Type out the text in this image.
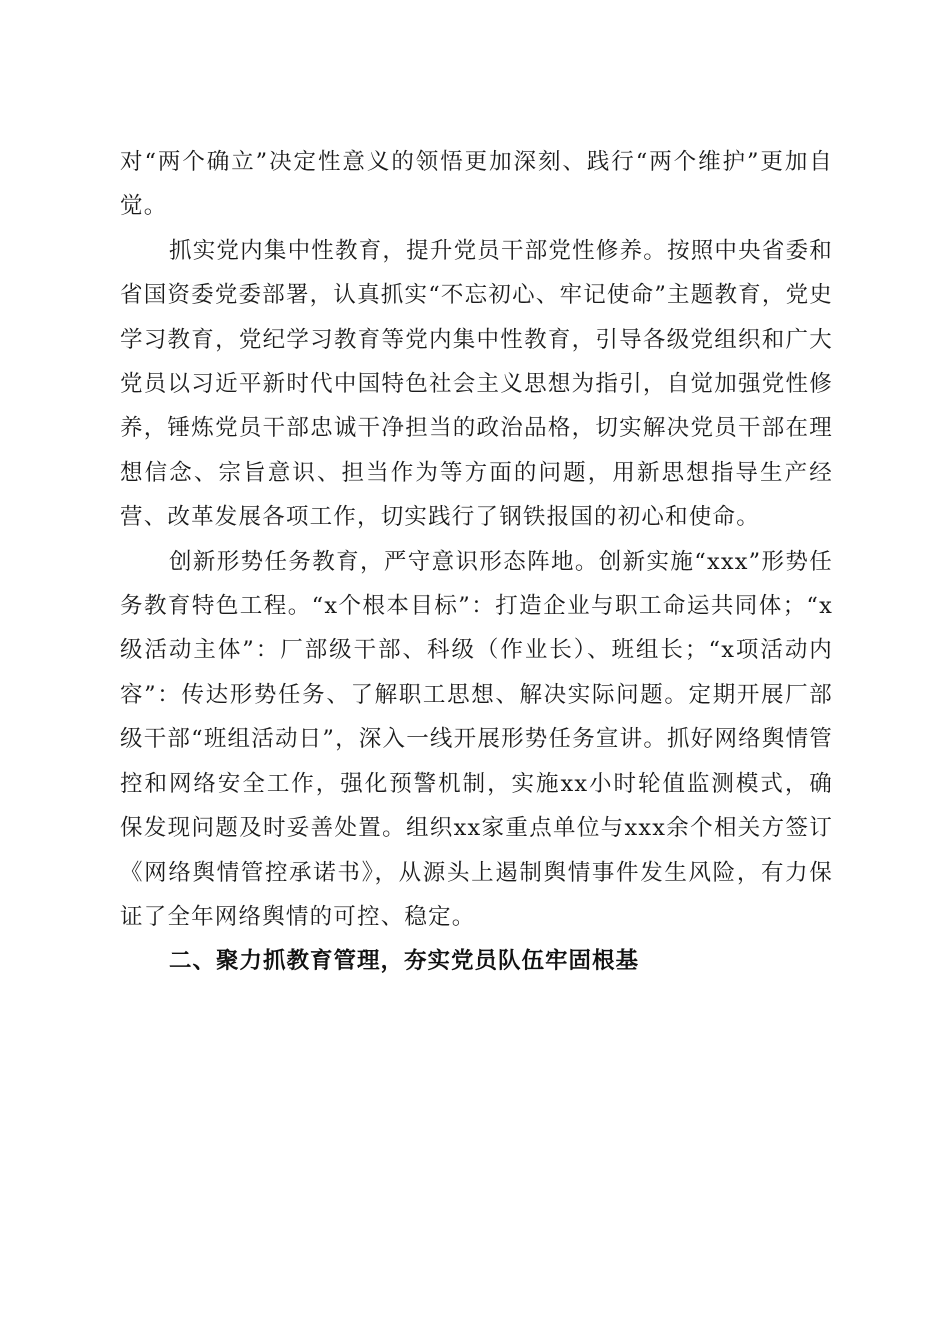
对“两个确立”决定性意义的领悟更加深刻、践行“两个维护”更加自觉。

抓实党内集中性教育，提升党员干部党性修养。按照中央省委和省国资委党委部署，认真抓实“不忘初心、牢记使命”主题教育，党史学习教育，党纪学习教育等党内集中性教育，引导各级党组织和广大党员以习近平新时代中国特色社会主义思想为指引，自觉加强党性修养，锤炼党员干部忠诚干净担当的政治品格，切实解决党员干部在理想信念、宗旨意识、担当作为等方面的问题，用新思想指导生产经营、改革发展各项工作，切实践行了钢铁报国的初心和使命。

创新形势任务教育，严守意识形态阵地。创新实施“xxx”形势任务教育特色工程。“x个根本目标”：打造企业与职工命运共同体；“x级活动主体”：厂部级干部、科级（作业长）、班组长；“x项活动内容”：传达形势任务、了解职工思想、解决实际问题。定期开展厂部级干部“班组活动日”，深入一线开展形势任务宣讲。抓好网络舆情管控和网络安全工作，强化预警机制，实施xx小时轮值监测模式，确保发现问题及时妥善处置。组织xx家重点单位与xxx余个相关方签订《网络舆情管控承诺书》，从源头上遏制舆情事件发生风险，有力保证了全年网络舆情的可控、稳定。

二、聚力抓教育管理，夯实党员队伍牢固根基
